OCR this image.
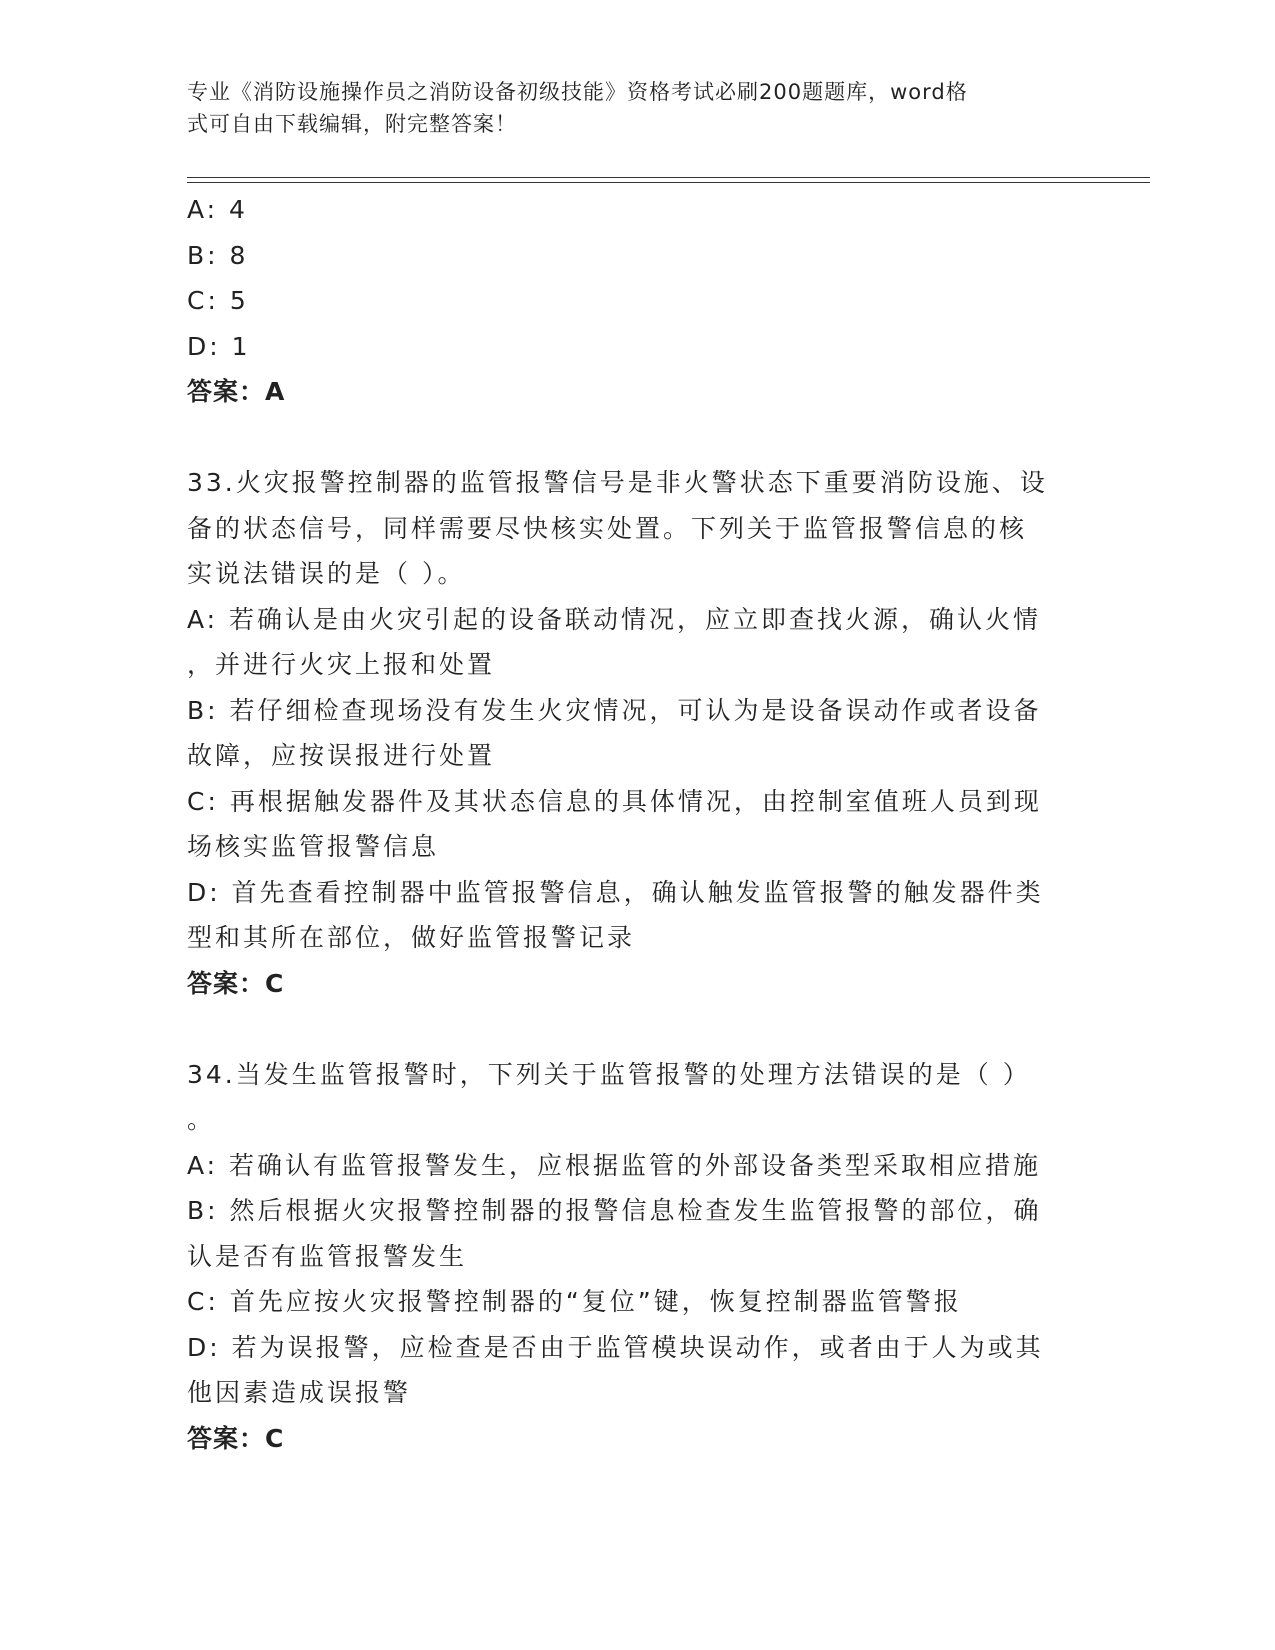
专业《消防设施操作员之消防设备初级技能》资格考试必刷200题题库，word格
式可自由下载编辑，附完整答案！
A: 4
B: 8
C: 5
D: 1
答案：A
33.火灾报警控制器的监管报警信号是非火警状态下重要消防设施、设
备的状态信号，同样需要尽快核实处置。下列关于监管报警信息的核
实说法错误的是（ ）。
A: 若确认是由火灾引起的设备联动情况，应立即查找火源，确认火情
，并进行火灾上报和处置
B: 若仔细检查现场没有发生火灾情况，可认为是设备误动作或者设备
故障，应按误报进行处置
C: 再根据触发器件及其状态信息的具体情况，由控制室值班人员到现
场核实监管报警信息
D: 首先查看控制器中监管报警信息，确认触发监管报警的触发器件类
型和其所在部位，做好监管报警记录
答案：C
34.当发生监管报警时，下列关于监管报警的处理方法错误的是（ ）
。
A: 若确认有监管报警发生，应根据监管的外部设备类型采取相应措施
B: 然后根据火灾报警控制器的报警信息检查发生监管报警的部位，确
认是否有监管报警发生
C: 首先应按火灾报警控制器的“复位”键，恢复控制器监管警报
D: 若为误报警，应检查是否由于监管模块误动作，或者由于人为或其
他因素造成误报警
答案：C
